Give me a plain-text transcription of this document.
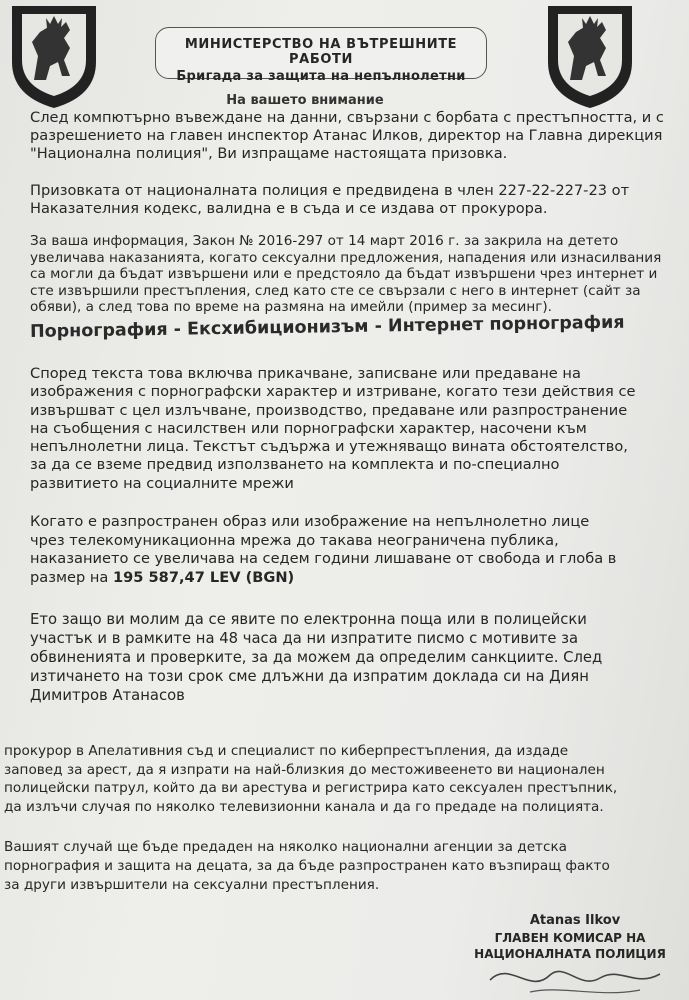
МИНИСТЕРСТВО НА ВЪТРЕШНИТЕ РАБОТИ
Бригада за защита на непълнолетни
На вашето внимание

След компютърно въвеждане на данни, свързани с борбата с престъпността, и с
разрешението на главен инспектор Атанас Илков, директор на Главна дирекция
"Национална полиция", Ви изпращаме настоящата призовка.

Призовката от националната полиция е предвидена в член 227-22-227-23 от
Наказателния кодекс, валидна е в съда и се издава от прокурора.

За ваша информация, Закон № 2016-297 от 14 март 2016 г. за закрила на детето
увеличава наказанията, когато сексуални предложения, нападения или изнасилвания
са могли да бъдат извършени или е предстояло да бъдат извършени чрез интернет и
сте извършили престъпления, след като сте се свързали с него в интернет (сайт за
обяви), а след това по време на размяна на имейли (пример за месинг).

Порнография - Ексхибиционизъм - Интернет порнография

Според текста това включва прикачване, записване или предаване на
изображения с порнографски характер и изтриване, когато тези действия се
извършват с цел излъчване, производство, предаване или разпространение
на съобщения с насилствен или порнографски характер, насочени към
непълнолетни лица. Текстът съдържа и утежняващо вината обстоятелство,
за да се вземе предвид използването на комплекта и по-специално
развитието на социалните мрежи

Когато е разпространен образ или изображение на непълнолетно лице
чрез телекомуникационна мрежа до такава неограничена публика,
наказанието се увеличава на седем години лишаване от свобода и глоба в
размер на 195 587,47 LEV (BGN)

Ето защо ви молим да се явите по електронна поща или в полицейски
участък и в рамките на 48 часа да ни изпратите писмо с мотивите за
обвиненията и проверките, за да можем да определим санкциите. След
изтичането на този срок сме длъжни да изпратим доклада си на Диян
Димитров Атанасов

прокурор в Апелативния съд и специалист по киберпрестъпления, да издаде
заповед за арест, да я изпрати на най-близкия до местоживеенето ви национален
полицейски патрул, който да ви арестува и регистрира като сексуален престъпник,
да излъчи случая по няколко телевизионни канала и да го предаде на полицията.

Вашият случай ще бъде предаден на няколко национални агенции за детска
порнография и защита на децата, за да бъде разпространен като възпиращ факто
за други извършители на сексуални престъпления.

Atanas Ilkov
ГЛАВЕН КОМИСАР НА
НАЦИОНАЛНАТА ПОЛИЦИЯ
